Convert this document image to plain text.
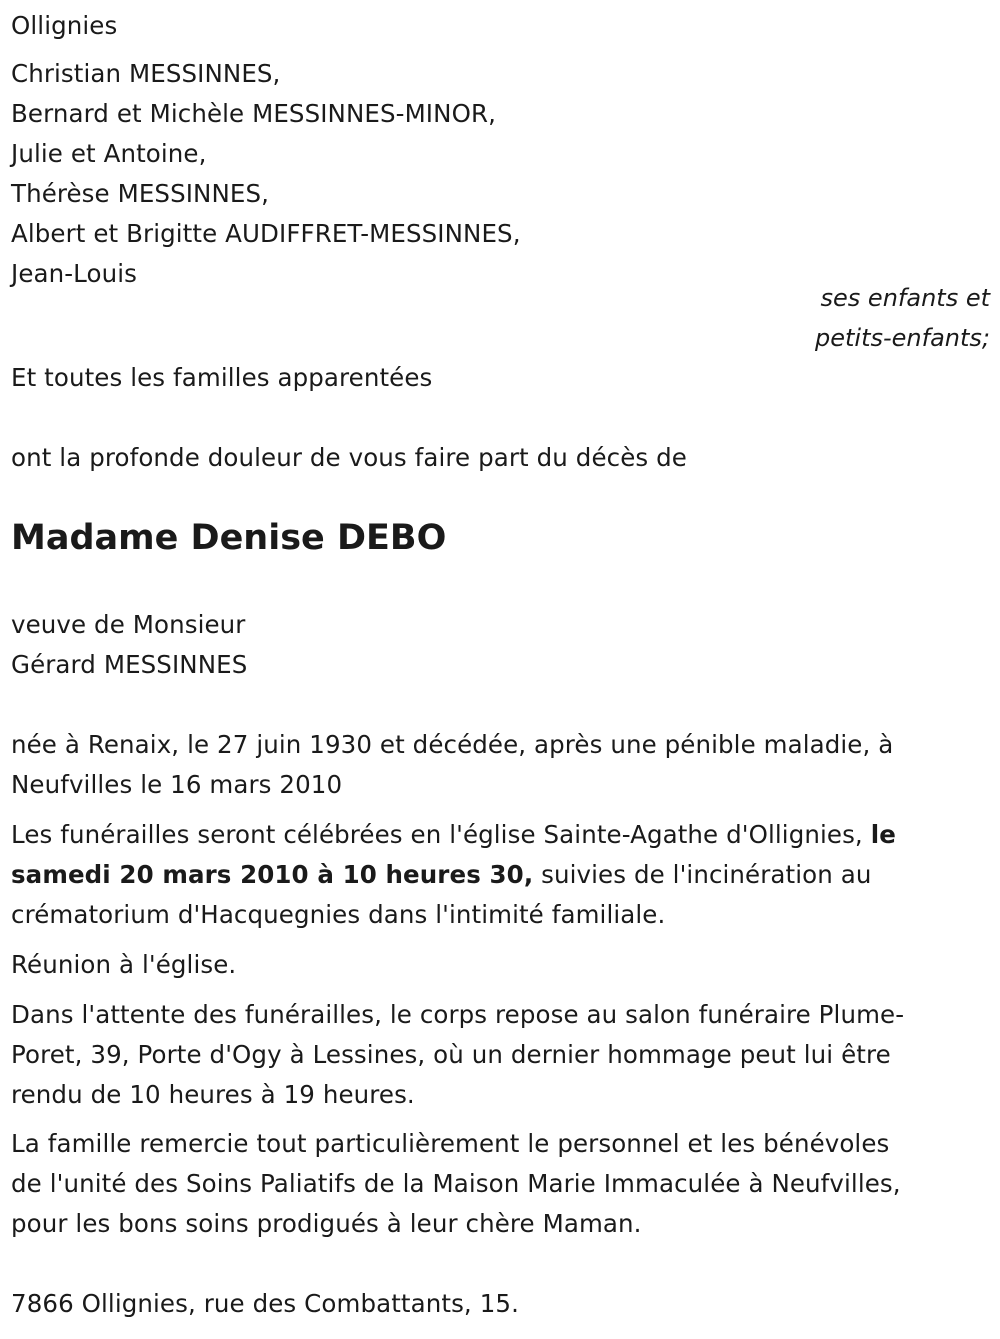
Ollignies
Christian MESSINNES,
Bernard et Michèle MESSINNES-MINOR,
Julie et Antoine,
Thérèse MESSINNES,
Albert et Brigitte AUDIFFRET-MESSINNES,
Jean-Louis
ses enfants et
petits-enfants;
Et toutes les familles apparentées
ont la profonde douleur de vous faire part du décès de
Madame Denise DEBO
veuve de Monsieur
Gérard MESSINNES
née à Renaix, le 27 juin 1930 et décédée, après une pénible maladie, à
Neufvilles le 16 mars 2010
Les funérailles seront célébrées en l'église Sainte-Agathe d'Ollignies, le
samedi 20 mars 2010 à 10 heures 30, suivies de l'incinération au
crématorium d'Hacquegnies dans l'intimité familiale.
Réunion à l'église.
Dans l'attente des funérailles, le corps repose au salon funéraire Plume-
Poret, 39, Porte d'Ogy à Lessines, où un dernier hommage peut lui être
rendu de 10 heures à 19 heures.
La famille remercie tout particulièrement le personnel et les bénévoles
de l'unité des Soins Paliatifs de la Maison Marie Immaculée à Neufvilles,
pour les bons soins prodigués à leur chère Maman.
7866 Ollignies, rue des Combattants, 15.
